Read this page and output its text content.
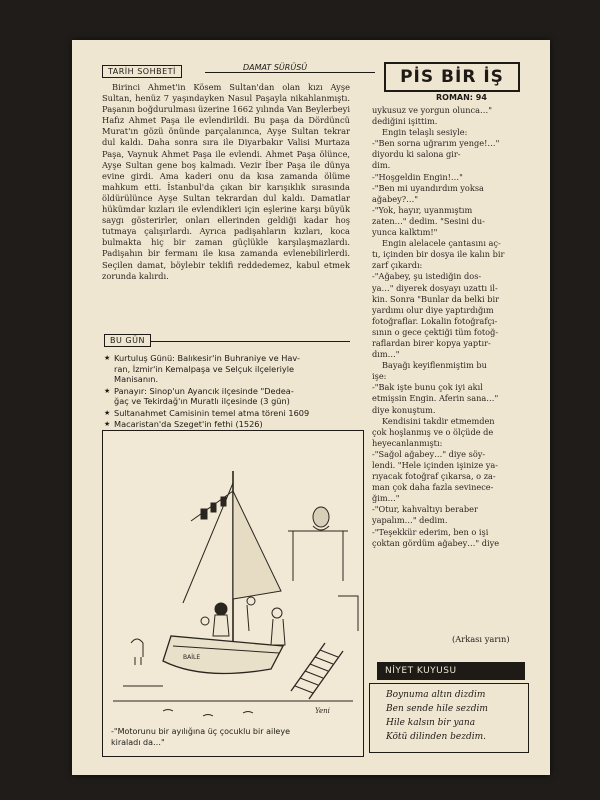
TARİH SOHBETİ	DAMAT SÜRÜSÜ

Birinci Ahmet'in Kösem Sultan'dan olan kızı Ayşe Sultan, henüz 7 yaşındayken Nasul Paşayla nikahlanmıştı. Paşanın boğdurulması üzerine 1662 yılında Van Beylerbeyi Hafız Ahmet Paşa ile evlendirildi. Bu paşa da Dördüncü Murat'ın gözü önünde parçalanınca, Ayşe Sultan tekrar dul kaldı. Daha sonra sıra ile Diyarbakır Valisi Murtaza Paşa, Vaynuk Ahmet Paşa ile evlendi. Ahmet Paşa ölünce, Ayşe Sultan gene boş kalmadı. Vezir İber Paşa ile dünya evine girdi. Ama kaderi onu da kısa zamanda ölüme mahkum etti. İstanbul'da çıkan bir karışıklık sırasında öldürülünce Ayşe Sultan tekrardan dul kaldı. Damatlar hükümdar kızları ile evlendikleri için eşlerine karşı büyük saygı gösterirler, onları ellerinden geldiği kadar hoş tutmaya çalışırlardı. Ayrıca padişahların kızları, koca bulmakta hiç bir zaman güçlükle karşılaşmazlardı. Padişahın bir fermanı ile kısa zamanda evlenebilirlerdi. Seçilen damat, böylebir teklifi reddedemez, kabul etmek zorunda kalırdı.

BU GÜN
★ Kurtuluş Günü: Balıkesir'in Buhraniye ve Hav-
ran, İzmir'in Kemalpaşa ve Selçuk ilçeleriyle
Manisanın.
★ Panayır: Sinop'un Ayancık ilçesinde "Dedea-
ğaç ve Tekirdağ'ın Muratlı ilçesinde (3 gün)
★ Sultanahmet Camisinin temel atma töreni 1609
★ Macaristan'da Szeget'in fethi (1526)
BAİLE
Yeni
-"Motorunu bir ayılığına üç çocuklu bir aileye
kiraladı da…"
PİS BİR İŞ
ROMAN: 94
uykusuz ve yorgun olunca…"
dediğini işittim.
Engin telaşlı sesiyle:
-"Ben sorna uğrarım yenge!…" diyordu ki salona gir-
dim.
-"Hoşgeldin Engin!…"
-"Ben mi uyandırdım yoksa
ağabey?…"
-"Yok, hayır, uyanmıştım
zaten…" dedim. "Sesini du-
yunca kalktım!"
Engin alelacele çantasını aç-
tı, içinden bir dosya ile kalın bir
zarf çıkardı:
-"Ağabey, şu istediğin dos-
ya…" diyerek dosyayı uzattı il-
kin. Sonra "Bunlar da belki bir
yardımı olur diye yaptırdığım
fotoğraflar. Lokalin fotoğrafçı-
sının o gece çektiği tüm fotoğ-
raflardan birer kopya yaptır-
dım…"
Bayağı keyiflenmiştim bu
işe:
-"Bak işte bunu çok iyi akıl
etmişsin Engin. Aferin sana…"
diye konuştum.
Kendisini takdir etmemden
çok hoşlanmış ve o ölçüde de
heyecanlanmıştı:
-"Sağol ağabey…" diye söy-
lendi. "Hele içinden işinize ya-
rıyacak fotoğraf çıkarsa, o za-
man çok daha fazla sevinece-
ğim…"
-"Otur, kahvaltıyı beraber
yapalım…" dedim.
-"Teşekkür ederim, ben o işi
çoktan gördüm ağabey…" diye
(Arkası yarın)
NİYET KUYUSU
Boynuma altın dizdim
Ben sende hile sezdim
Hile kalsın bir yana
Kötü dilinden bezdim.
